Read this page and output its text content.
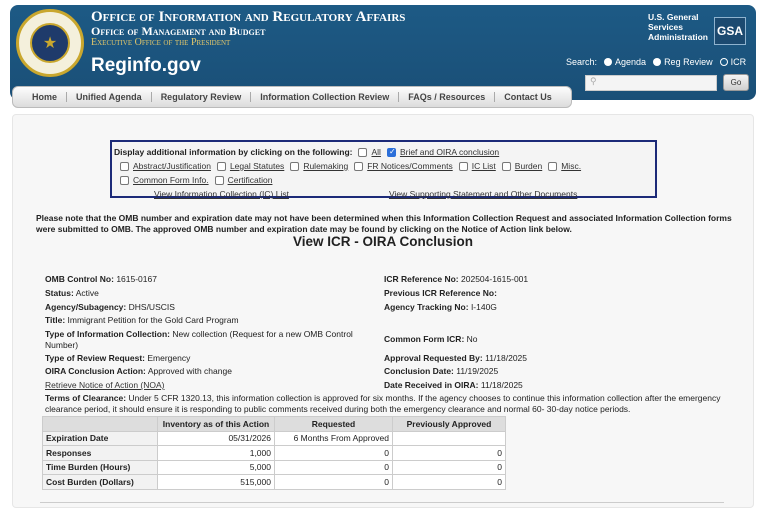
★
Office of Information and Regulatory Affairs
Office of Management and Budget
Executive Office of the President
Reginfo.gov
U.S. General Services Administration GSA
Search: Agenda Reg Review ICR
⚲	Go
Home	Unified Agenda	Regulatory Review	Information Collection Review	FAQs / Resources	Contact Us
Display additional information by clicking on the following: All ✓ Brief and OIRA conclusion
Abstract/Justification Legal Statutes Rulemaking FR Notices/Comments IC List Burden Misc.
Common Form Info. Certification
View Information Collection (IC) List	View Supporting Statement and Other Documents
Please note that the OMB number and expiration date may not have been determined when this Information Collection Request and associated Information Collection forms were submitted to OMB. The approved OMB number and expiration date may be found by clicking on the Notice of Action link below.
View ICR - OIRA Conclusion
OMB Control No: 1615-0167
Status: Active
Agency/Subagency: DHS/USCIS
Title: Immigrant Petition for the Gold Card Program
Type of Information Collection: New collection (Request for a new OMB Control Number)
Type of Review Request: Emergency
OIRA Conclusion Action: Approved with change
Retrieve Notice of Action (NOA)
ICR Reference No: 202504-1615-001
Previous ICR Reference No:
Agency Tracking No: I-140G
Common Form ICR: No
Approval Requested By: 11/18/2025
Conclusion Date: 11/19/2025
Date Received in OIRA: 11/18/2025
Terms of Clearance: Under 5 CFR 1320.13, this information collection is approved for six months. If the agency chooses to continue this information collection after the emergency clearance period, it should ensure it is responding to public comments received during both the emergency clearance and normal 60- 30-day notice periods.
	Inventory as of this Action	Requested	Previously Approved
Expiration Date	05/31/2026	6 Months From Approved	
Responses	1,000	0	0
Time Burden (Hours)	5,000	0	0
Cost Burden (Dollars)	515,000	0	0
